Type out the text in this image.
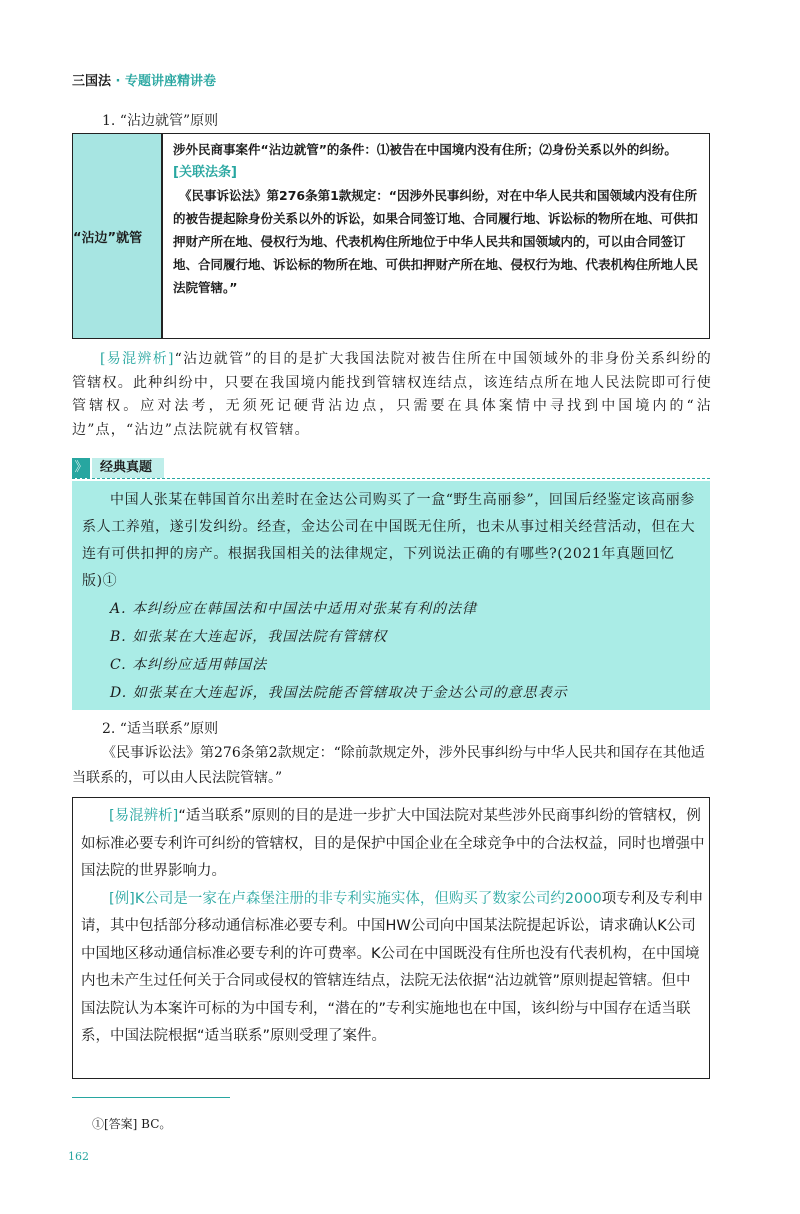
三国法 · 专题讲座精讲卷
1. “沾边就管”原则
“沾边”就管	

涉外民商事案件“沾边就管”的条件：⑴被告在中国境内没有住所；⑵身份关系以外的纠纷。

[关联法条]

《民事诉讼法》第276条第1款规定：“因涉外民事纠纷，对在中华人民共和国领域内没有住所的被告提起除身份关系以外的诉讼，如果合同签订地、合同履行地、诉讼标的物所在地、可供扣押财产所在地、侵权行为地、代表机构住所地位于中华人民共和国领域内的，可以由合同签订地、合同履行地、诉讼标的物所在地、可供扣押财产所在地、侵权行为地、代表机构住所地人民法院管辖。”

[易混辨析]“沾边就管”的目的是扩大我国法院对被告住所在中国领域外的非身份关系纠纷的管辖权。此种纠纷中，只要在我国境内能找到管辖权连结点，该连结点所在地人民法院即可行使管辖权。应对法考，无须死记硬背沾边点，只需要在具体案情中寻找到中国境内的“沾边”点，“沾边”点法院就有权管辖。
》 经典真题

中国人张某在韩国首尔出差时在金达公司购买了一盒“野生高丽参”，回国后经鉴定该高丽参系人工养殖，遂引发纠纷。经查，金达公司在中国既无住所，也未从事过相关经营活动，但在大连有可供扣押的房产。根据我国相关的法律规定，下列说法正确的有哪些?(2021年真题回忆版)①

A. 本纠纷应在韩国法和中国法中适用对张某有利的法律

B. 如张某在大连起诉，我国法院有管辖权

C. 本纠纷应适用韩国法

D. 如张某在大连起诉，我国法院能否管辖取决于金达公司的意思表示

2. “适当联系”原则

《民事诉讼法》第276条第2款规定：“除前款规定外，涉外民事纠纷与中华人民共和国存在其他适当联系的，可以由人民法院管辖。”

[易混辨析]“适当联系”原则的目的是进一步扩大中国法院对某些涉外民商事纠纷的管辖权，例如标准必要专利许可纠纷的管辖权，目的是保护中国企业在全球竞争中的合法权益，同时也增强中国法院的世界影响力。

[例]K公司是一家在卢森堡注册的非专利实施实体，但购买了数家公司约2000项专利及专利申请，其中包括部分移动通信标准必要专利。中国HW公司向中国某法院提起诉讼，请求确认K公司中国地区移动通信标准必要专利的许可费率。K公司在中国既没有住所也没有代表机构，在中国境内也未产生过任何关于合同或侵权的管辖连结点，法院无法依据“沾边就管”原则提起管辖。但中国法院认为本案许可标的为中国专利，“潜在的”专利实施地也在中国，该纠纷与中国存在适当联系，中国法院根据“适当联系”原则受理了案件。

①[答案] BC。
162
